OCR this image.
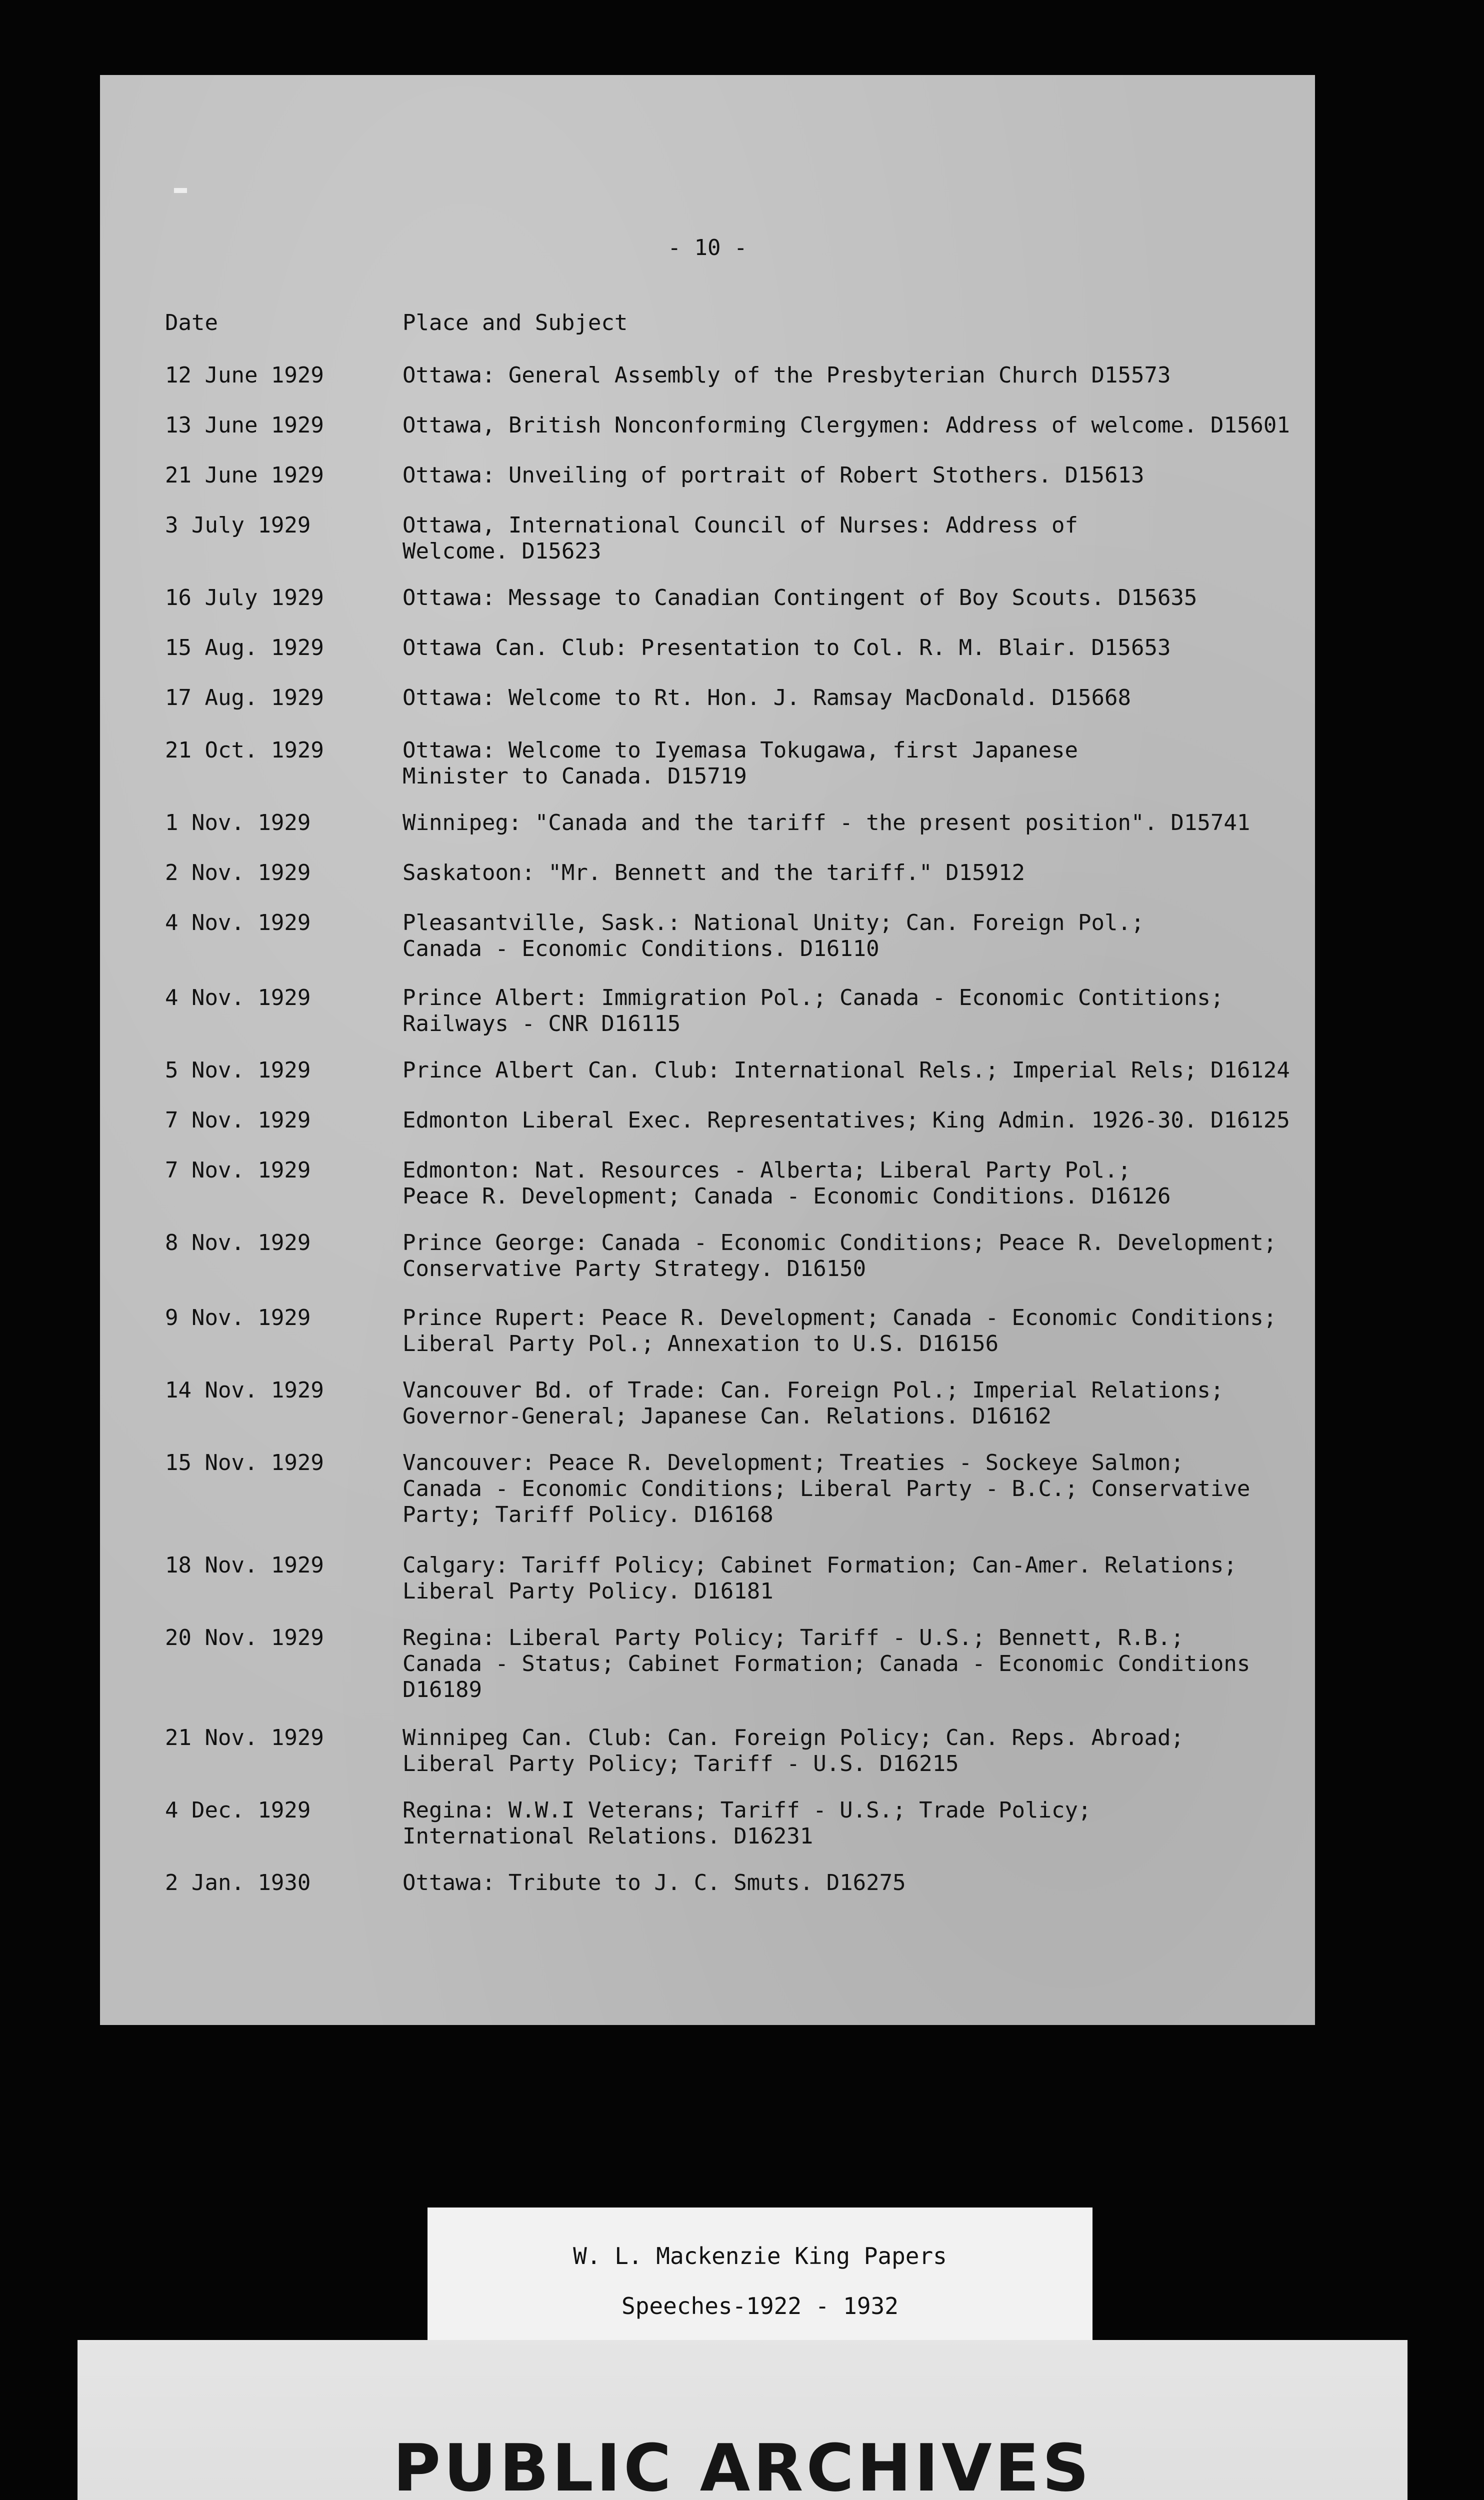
- 10 -
Date	Place and Subject
12 June 1929	Ottawa: General Assembly of the Presbyterian Church D15573
13 June 1929	Ottawa, British Nonconforming Clergymen: Address of welcome. D15601
21 June 1929	Ottawa: Unveiling of portrait of Robert Stothers. D15613
3 July 1929	Ottawa, International Council of Nurses: Address of
Welcome. D15623
16 July 1929	Ottawa: Message to Canadian Contingent of Boy Scouts. D15635
15 Aug. 1929	Ottawa Can. Club: Presentation to Col. R. M. Blair. D15653
17 Aug. 1929	Ottawa: Welcome to Rt. Hon. J. Ramsay MacDonald. D15668
21 Oct. 1929	Ottawa: Welcome to Iyemasa Tokugawa, first Japanese
Minister to Canada. D15719
1 Nov. 1929	Winnipeg: "Canada and the tariff - the present position". D15741
2 Nov. 1929	Saskatoon: "Mr. Bennett and the tariff." D15912
4 Nov. 1929	Pleasantville, Sask.: National Unity; Can. Foreign Pol.;
Canada - Economic Conditions. D16110
4 Nov. 1929	Prince Albert: Immigration Pol.; Canada - Economic Contitions;
Railways - CNR D16115
5 Nov. 1929	Prince Albert Can. Club: International Rels.; Imperial Rels; D16124
7 Nov. 1929	Edmonton Liberal Exec. Representatives; King Admin. 1926-30. D16125
7 Nov. 1929	Edmonton: Nat. Resources - Alberta; Liberal Party Pol.;
Peace R. Development; Canada - Economic Conditions. D16126
8 Nov. 1929	Prince George: Canada - Economic Conditions; Peace R. Development;
Conservative Party Strategy. D16150
9 Nov. 1929	Prince Rupert: Peace R. Development; Canada - Economic Conditions;
Liberal Party Pol.; Annexation to U.S. D16156
14 Nov. 1929	Vancouver Bd. of Trade: Can. Foreign Pol.; Imperial Relations;
Governor-General; Japanese Can. Relations. D16162
15 Nov. 1929	Vancouver: Peace R. Development; Treaties - Sockeye Salmon;
Canada - Economic Conditions; Liberal Party - B.C.; Conservative
Party; Tariff Policy. D16168
18 Nov. 1929	Calgary: Tariff Policy; Cabinet Formation; Can-Amer. Relations;
Liberal Party Policy. D16181
20 Nov. 1929	Regina: Liberal Party Policy; Tariff - U.S.; Bennett, R.B.;
Canada - Status; Cabinet Formation; Canada - Economic Conditions
D16189
21 Nov. 1929	Winnipeg Can. Club: Can. Foreign Policy; Can. Reps. Abroad;
Liberal Party Policy; Tariff - U.S. D16215
4 Dec. 1929	Regina: W.W.I Veterans; Tariff - U.S.; Trade Policy;
International Relations. D16231
2 Jan. 1930	Ottawa: Tribute to J. C. Smuts. D16275
W. L. Mackenzie King Papers
Speeches-1922 - 1932
PUBLIC ARCHIVES
